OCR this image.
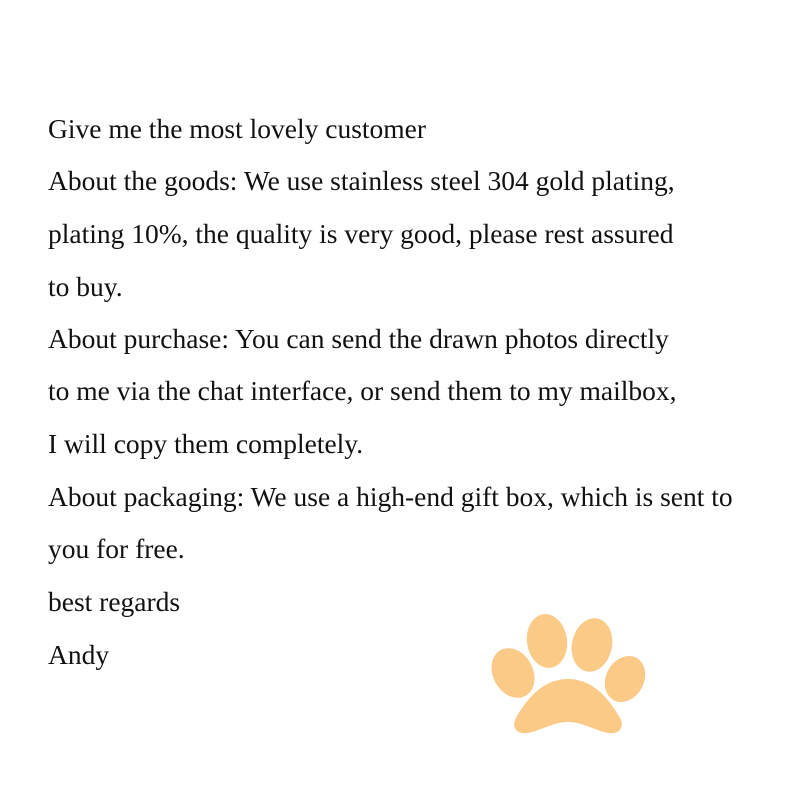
Give me the most lovely customer

About the goods: We use stainless steel 304 gold plating,

plating 10%, the quality is very good, please rest assured

to buy.

About purchase: You can send the drawn photos directly

to me via the chat interface, or send them to my mailbox,

I will copy them completely.

About packaging: We use a high-end gift box, which is sent to

you for free.

best regards

Andy
